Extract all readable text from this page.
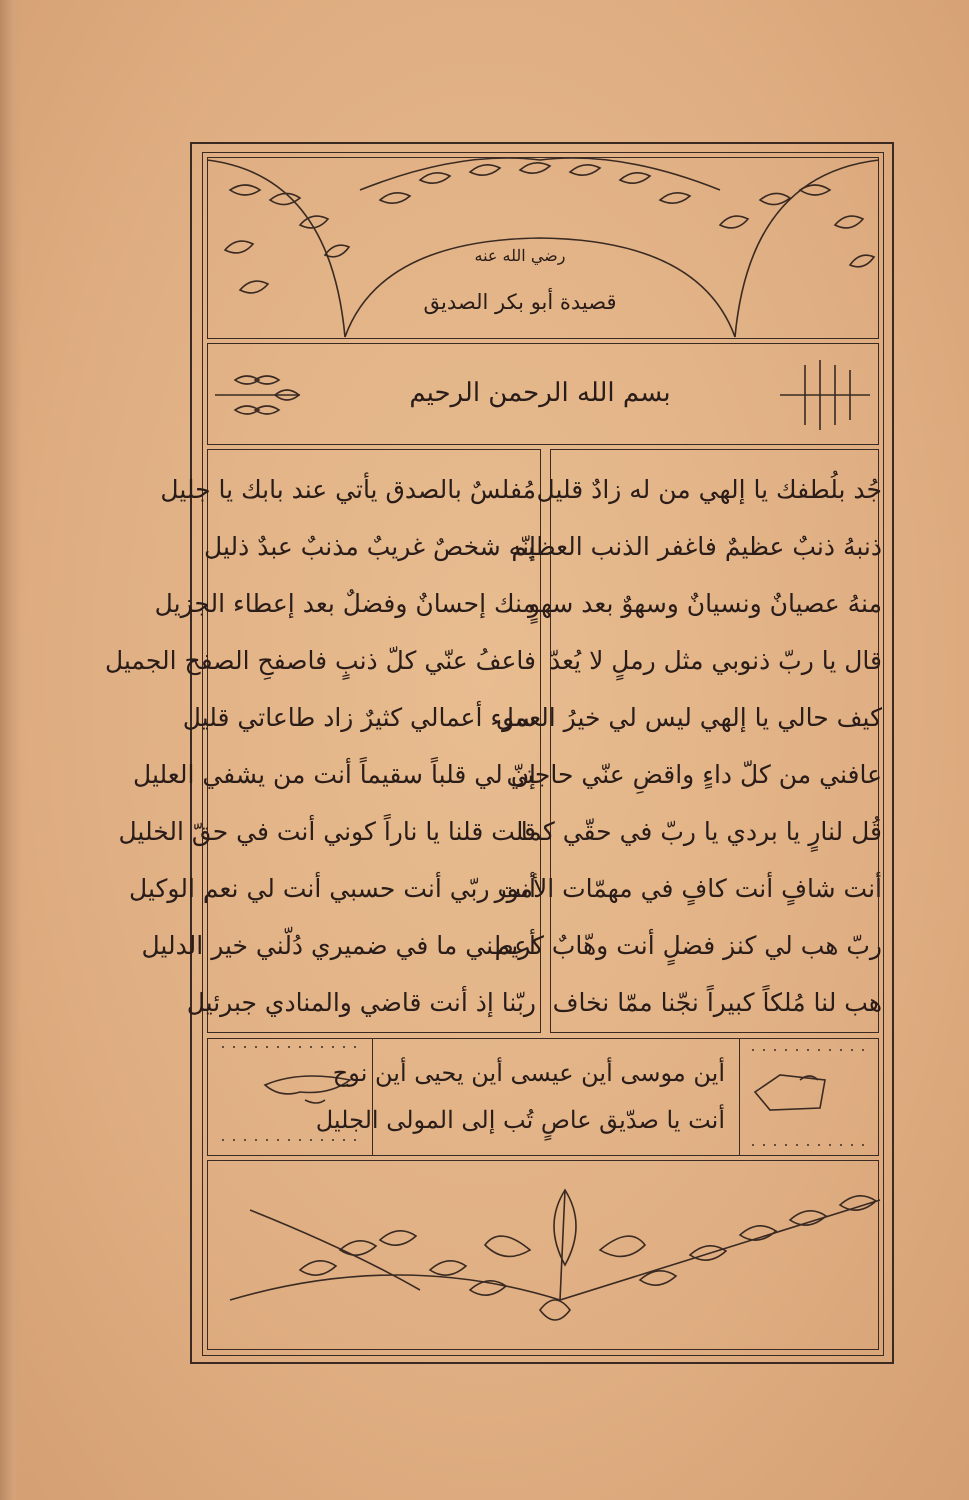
رضي الله عنه
قصيدة أبو بكر الصديق
بسم الله الرحمن الرحيم
جُد بلُطفك يا إلهي من له زادٌ قليل
ذنبهُ ذنبٌ عظيمٌ فاغفر الذنب العظيم
منهُ عصيانٌ ونسيانٌ وسهوٌ بعد سهوٍ
قال يا ربّ ذنوبي مثل رملٍ لا يُعدّ
كيف حالي يا إلهي ليس لي خيرُ العمل
عافني من كلّ داءٍ واقضِ عنّي حاجتي
قُل لنارٍ يا بردي يا ربّ في حقّي كما
أنت شافٍ أنت كافٍ في مهمّات الأمور
ربّ هب لي كنز فضلٍ أنت وهّابٌ كريم
هب لنا مُلكاً كبيراً نجّنا ممّا نخاف
مُفلسٌ بالصدق يأتي عند بابك يا جليل
إنّه شخصٌ غريبٌ مذنبٌ عبدٌ ذليل
منك إحسانٌ وفضلٌ بعد إعطاء الجزيل
فاعفُ عنّي كلّ ذنبٍ فاصفحِ الصفح الجميل
سوء أعمالي كثيرٌ زاد طاعاتي قليل
إنّ لي قلباً سقيماً أنت من يشفي العليل
قلت قلنا يا ناراً كوني أنت في حقّ الخليل
أنت ربّي أنت حسبي أنت لي نعم الوكيل
أعطني ما في ضميري دُلّني خير الدليل
ربّنا إذ أنت قاضي والمنادي جبرئيل
أين موسى أين عيسى أين يحيى أين نوح
أنت يا صدّيق عاصٍ تُب إلى المولى الجليل
